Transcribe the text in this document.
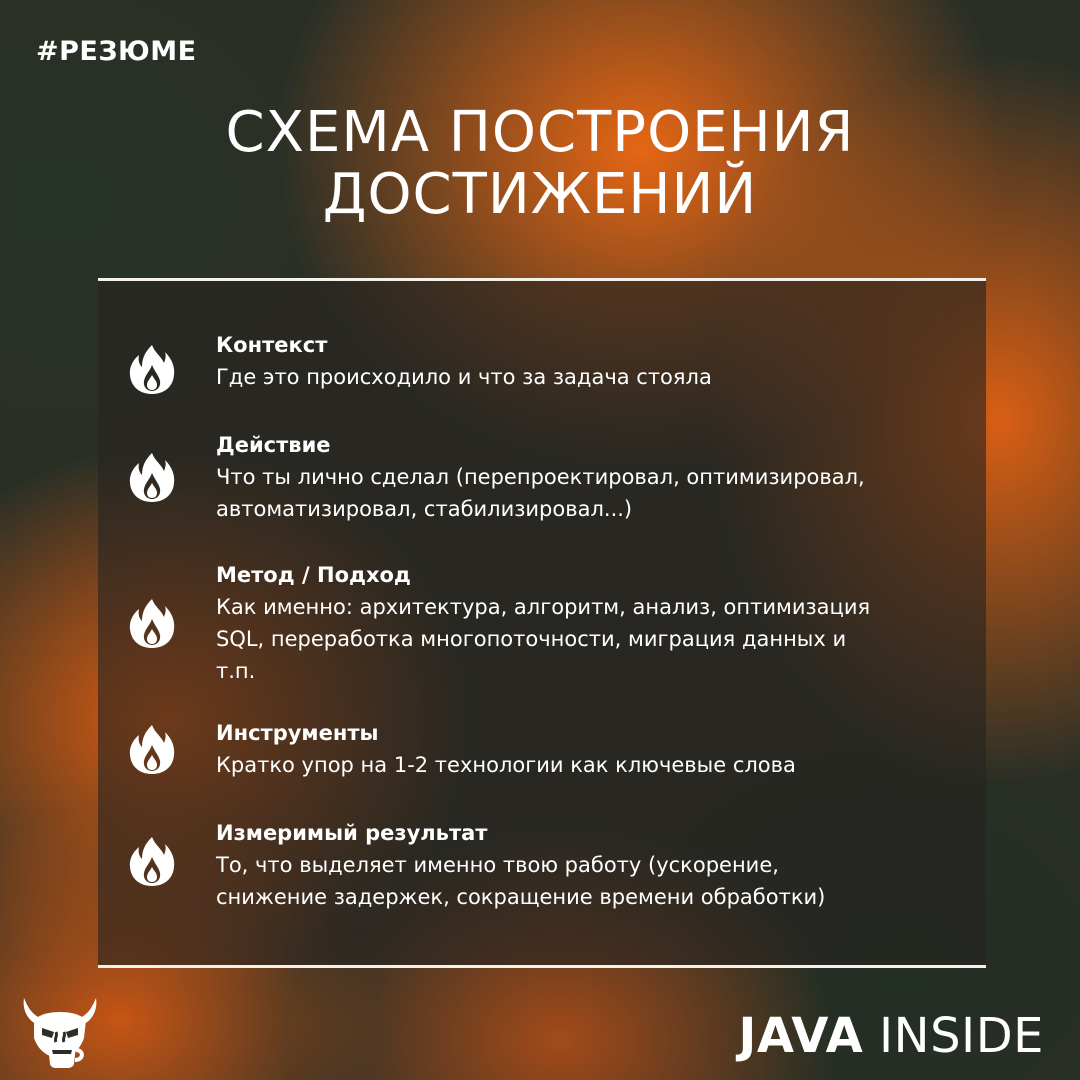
#РЕЗЮМЕ
СХЕМА ПОСТРОЕНИЯ
ДОСТИЖЕНИЙ
Контекст
Где это происходило и что за задача стояла
Действие
Что ты лично сделал (перепроектировал, оптимизировал,
автоматизировал, стабилизировал...)
Метод / Подход
Как именно: архитектура, алгоритм, анализ, оптимизация
SQL, переработка многопоточности, миграция данных и
т.п.
Инструменты
Кратко упор на 1-2 технологии как ключевые слова
Измеримый результат
То, что выделяет именно твою работу (ускорение,
снижение задержек, сокращение времени обработки)
JAVA INSIDE
